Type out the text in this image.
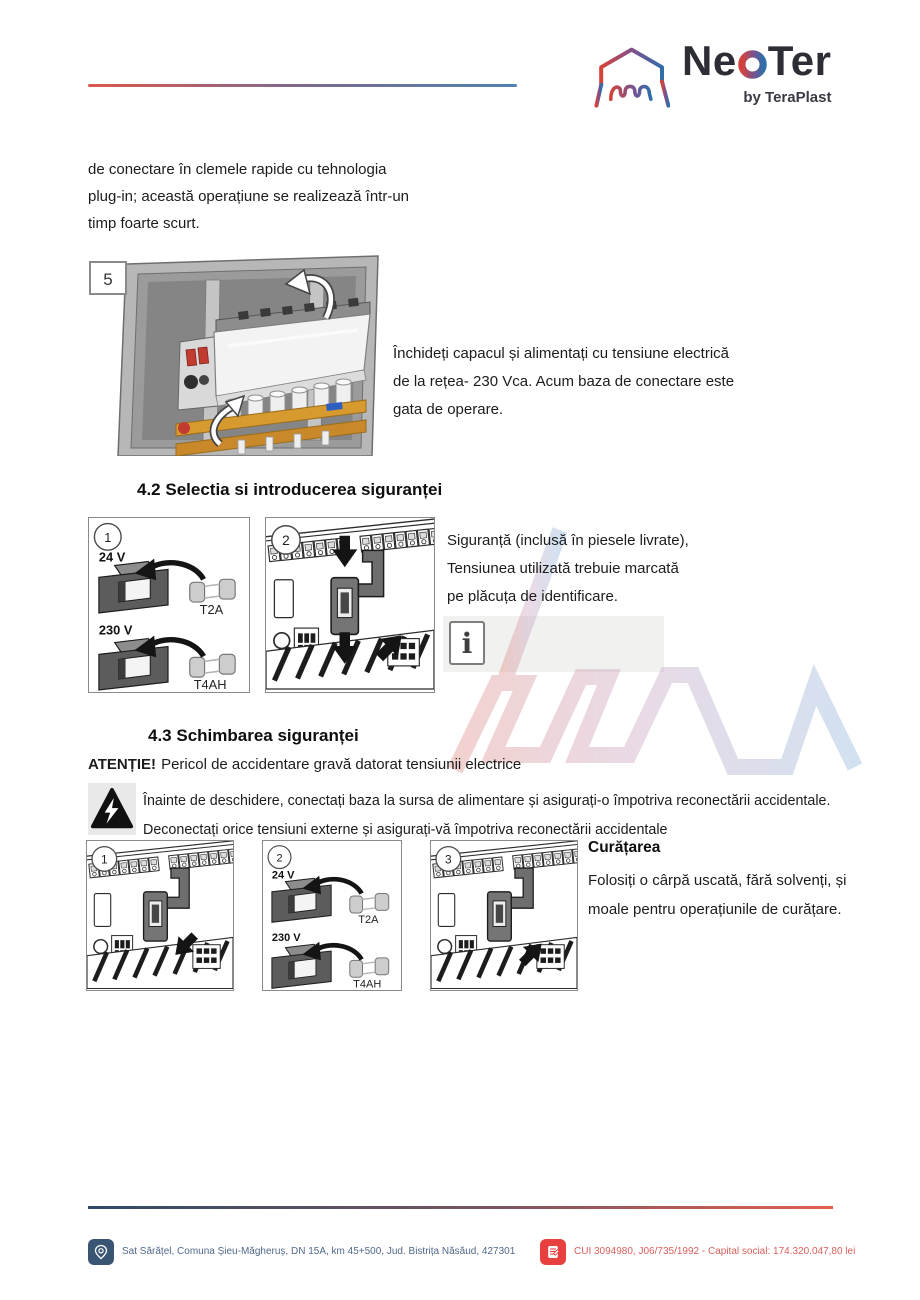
Ne Ter
by TeraPlast
de conectare în clemele rapide cu tehnologia
plug-in; această operațiune se realizează într-un
timp foarte scurt.
5
Închideți capacul și alimentați cu tensiune electrică
de la rețea- 230 Vca. Acum baza de conectare este
gata de operare.
4.2 Selectia si introducerea siguranței
1
24 V
T2A
230 V
T4AH
2	Siguranță (inclusă în piesele livrate),
Tensiunea utilizată trebuie marcată
pe plăcuța de identificare.
i
4.3 Schimbarea siguranței
ATENȚIE! Pericol de accidentare gravă datorat tensiunii electrice
Înainte de deschidere, conectați baza la sursa de alimentare și asigurați-o împotriva reconectării accidentale.
Deconectați orice tensiuni externe și asigurați-vă împotriva reconectării accidentale
1	2
24 V
T2A
230 V
T4AH
3
Curățarea
Folosiți o cârpă uscată, fără solvenți, și
moale pentru operațiunile de curățare.
Sat Sărățel, Comuna Șieu-Măgheruș, DN 15A, km 45+500, Jud. Bistrița Năsăud, 427301	CUI 3094980, J06/735/1992 - Capital social: 174.320.047,80 lei
